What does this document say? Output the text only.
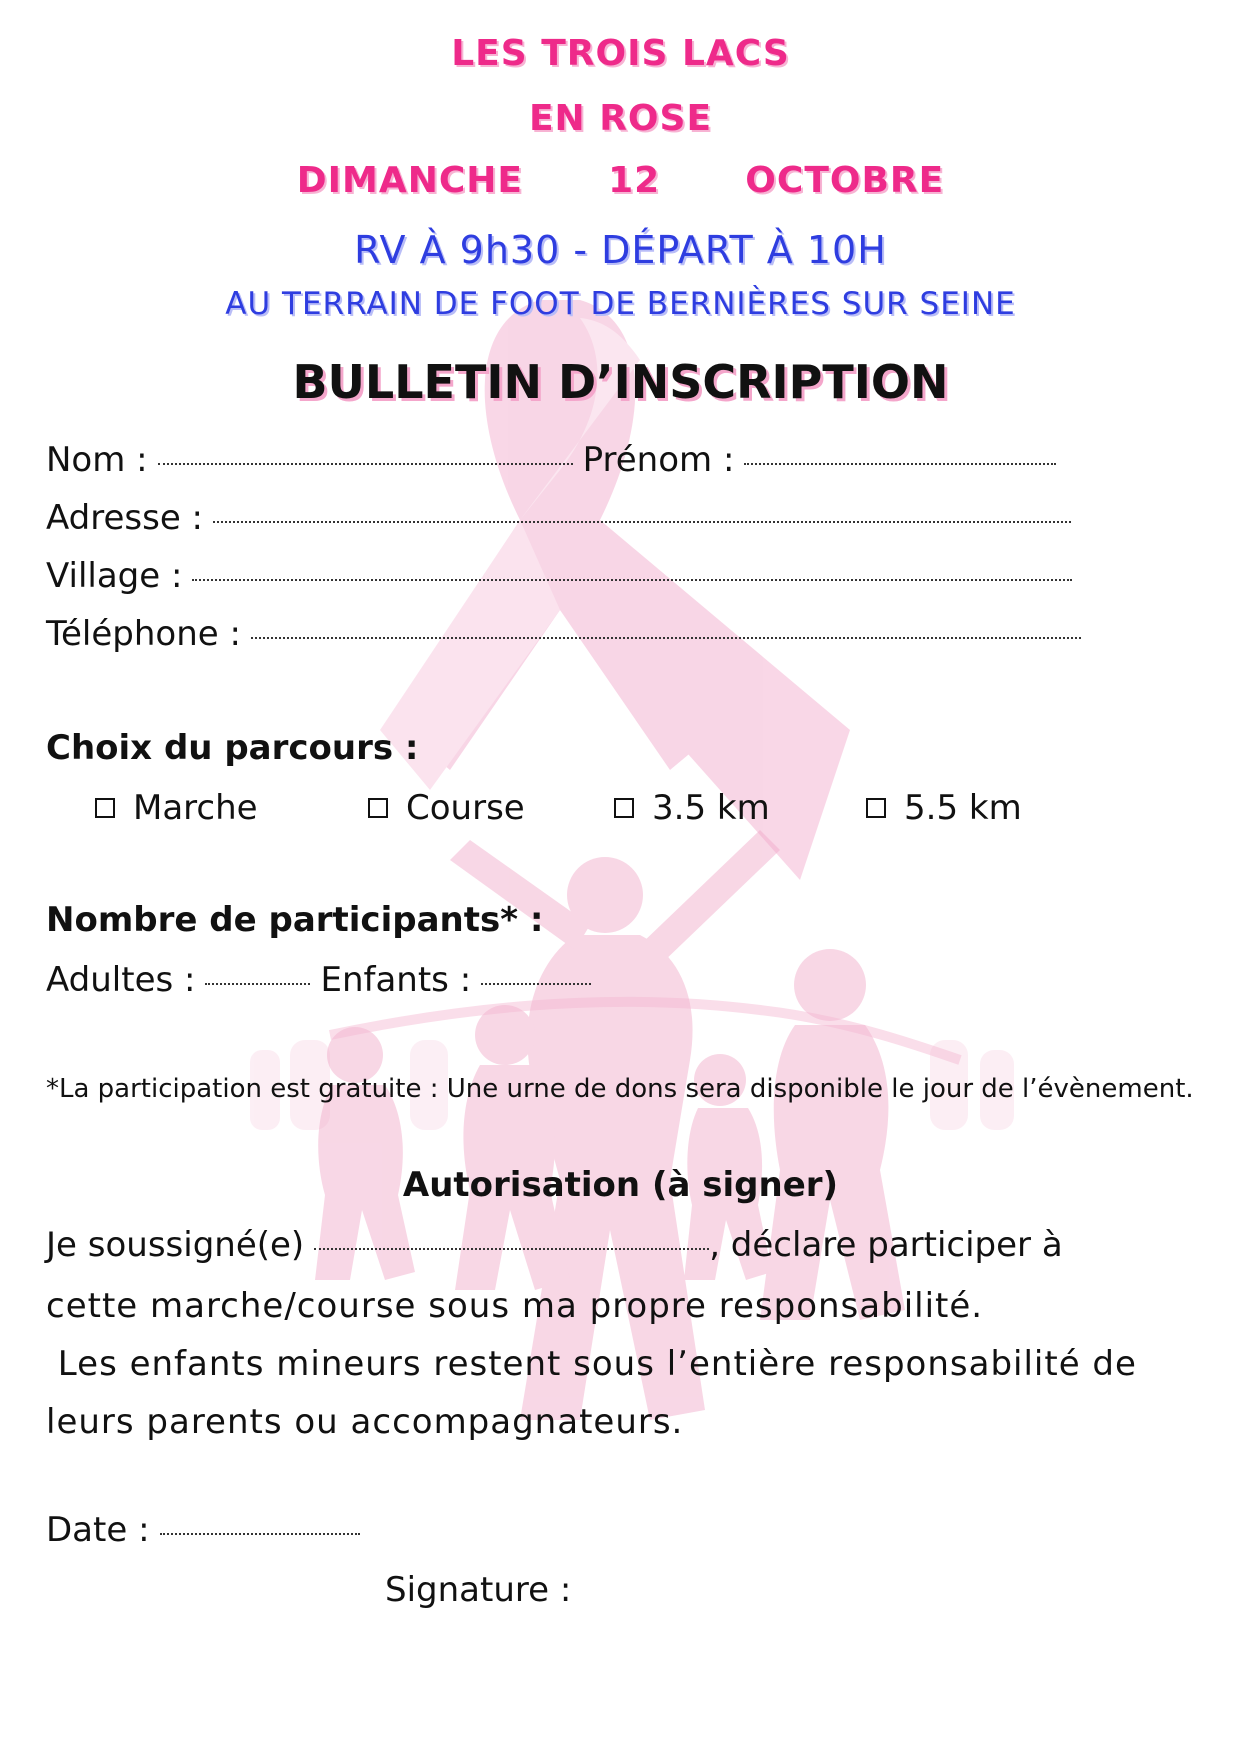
LES TROIS LACS
EN ROSE
DIMANCHE 12 OCTOBRE
RV À 9h30 - DÉPART À 10H
AU TERRAIN DE FOOT DE BERNIÈRES SUR SEINE
BULLETIN D’INSCRIPTION
Nom :	Prénom :
Adresse :
Village :
Téléphone :
Choix du parcours :
Marche	Course	3.5 km	5.5 km
Nombre de participants* :
Adultes :	Enfants :
*La participation est gratuite : Une urne de dons sera disponible le jour de l’évènement.
Autorisation (à signer)
Je soussigné(e)	, déclare participer à
cette marche/course sous ma propre responsabilité.
Les enfants mineurs restent sous l’entière responsabilité de
leurs parents ou accompagnateurs.
Date :
Signature :
